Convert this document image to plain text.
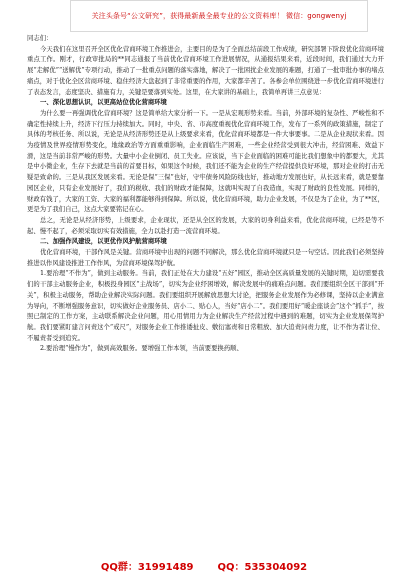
关注头条号“公文研究”，获得最新最全最专业的公文资料库！ 微信：gongwenyj

同志们：

今天我们在这里召开全区优化营商环境工作推进会，主要目的是为了全面总结前段工作成绩，研究部署下阶段优化营商环境重点工作。刚才，行政审批局的**同志通报了当前优化营商环境工作进展情况，从通报结果来看，近段时间，我们通过大力开展“走解优”“送解优”专项行动，推动了一批重点问题的落实落地，解决了一批困扰企业发展的难题，打通了一批审批办事的堵点痛点，对于优化全区营商环境、稳住经济大盘起到了非常重要的作用，大家都辛苦了。各参会单位围绕进一步优化营商环境进行了表态发言，态度坚决、措施有力，关键是要落到实处。这里，在大家讲的基础上，我简单再讲三点意见：

一、深化思想认识，以更高站位优化营商环境

为什么要一再强调优化营商环境？这是简单给大家分析一下。一是从宏观形势来看。当前，外部环境的复杂性、严峻性和不确定性持续上升，经济下行压力持续加大。同时，中央、省、市高度重视优化营商环境工作，发布了一系列的政策措施，制定了具体的考核任务、所以说，无论是从经济形势还是从上级要求来看，优化营商环境都是一件大事要事。二是从企业现状来看。因为疫情及世界疫情形势变化，地缘政治等方面重重影响，企业面临生产困难，一些企业经营受到很大冲击，经营困难、效益下滑，这是当前非常严峻的形势。大量中小企业倒闭、员工失业。应该说，当下企业面临的困难可能比我们想象中的都要大，尤其是中小微企业，生存下去就是当前的首要目标，如果这个时候，我们还不能为企业的生产经营提供良好环境，那对企业的打击无疑是致命的。三是从我区发展来看。无论是保“三保”也好，守牢债务风险防线也好，推动地方发展也好，从长远来看，就是要靠园区企业，只有企业发展好了，我们的税收、我们的财政才能保障，这就叫实现了自我造血，实现了财政的良性发展。同样的，财政有钱了，大家的工资、大家的福利都能够得到保障。所以说，优化营商环境，助力企业发展，不仅是为了企业，为了**区，更是为了我们自己，这点大家要铭记在心。

总之，无论是从经济形势，上级要求，企业现状，还是从全区的发展，大家的切身利益来看，优化营商环境，已经是等不起、慢不起了，必须采取切实有效措施，全力以赴打造一流营商环境。

二、加强作风建设，以更优作风护航营商环境

优化营商环境，干部作风是关键。营商环境中出现的问题不同解决，那么优化营商环境就只是一句空话。因此我们必须坚持推进以作风建设推进工作作风，为营商环境保驾护航。

1.要治理“不作为”，做到主动服务。当前，我们正处在大力建设“五好”园区，推动全区高质量发展的关键时期，迫切需要我们的干部主动服务企业，积极投身园区“主战场”，切实为企业纾困增效，解决发展中的痛难点问题。我们要组织全区干部到“开关”，积极主动服务，帮助企业解决实际问题。我们要组织开展解放思想大讨论，把服务企业发展作为必修课，坚持以企业满意为导向，不断增强服务意识，切实做好企业服务员、店小二、贴心人，当好“店小二”。我们要用好“暖企座谈会”这个“抓手”，按照已制定的工作方案，主动联系解决企业问题，用心用情用力为企业解决生产经营过程中遇到的难题，切实为企业发展保驾护航。我们要紧盯建言问责这个“戒尺”，对服务企业工作推诿扯皮、敷衍塞责和日常粗放、加大追责问责力度，让不作为者让位、不履责者受到追究。

2.要治理“慢作为”，做到高效服务。要增强工作本领，当前要要换药顺、

QQ群：31991489 QQ：535304092
